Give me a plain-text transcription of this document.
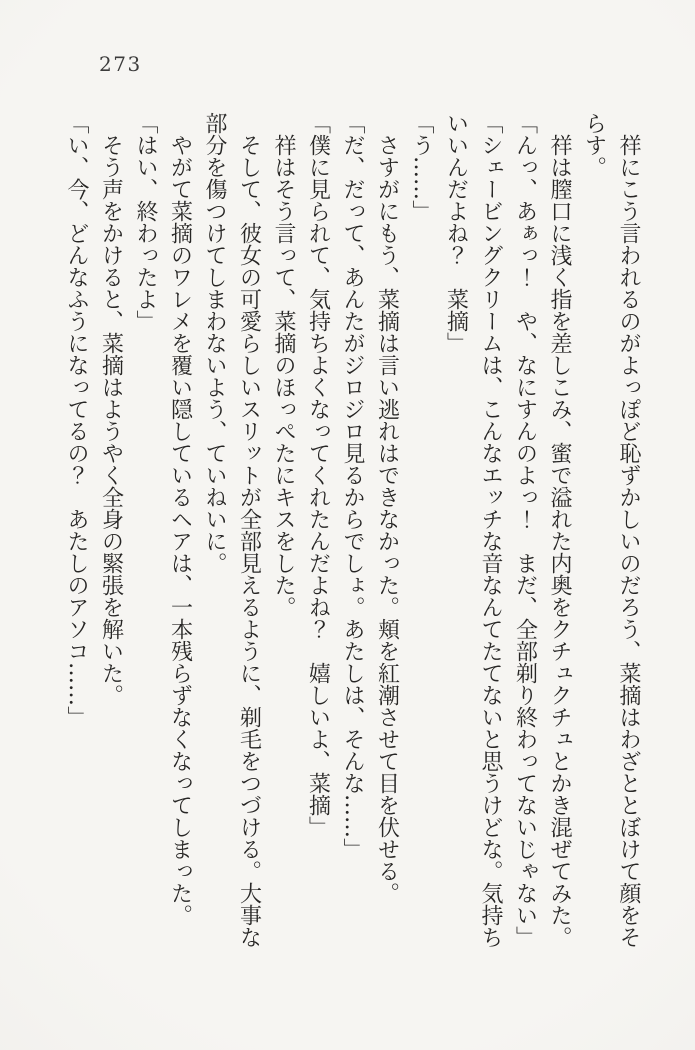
273

　祥にこう言われるのがよっぽど恥ずかしいのだろう、菜摘はわざととぼけて顔をそらす。

　祥は膣口に浅く指を差しこみ、蜜で溢れた内奥をクチュクチュとかき混ぜてみた。

「んっ、あぁっ！　や、なにすんのよっ！　まだ、全部剃り終わってないじゃない」

「シェービングクリームは、こんなエッチな音なんてたてないと思うけどな。気持ちいいんだよね？　菜摘」

「う……」

　さすがにもう、菜摘は言い逃れはできなかった。頬を紅潮させて目を伏せる。

「だ、だって、あんたがジロジロ見るからでしょ。あたしは、そんな……」

「僕に見られて、気持ちよくなってくれたんだよね？　嬉しいよ、菜摘」

　祥はそう言って、菜摘のほっぺたにキスをした。

　そして、彼女の可愛らしいスリットが全部見えるように、剃毛をつづける。大事な部分を傷つけてしまわないよう、ていねいに。

　やがて菜摘のワレメを覆い隠しているヘアは、一本残らずなくなってしまった。

「はい、終わったよ」

　そう声をかけると、菜摘はようやく全身の緊張を解いた。

「い、今、どんなふうになってるの？　あたしのアソコ……」
